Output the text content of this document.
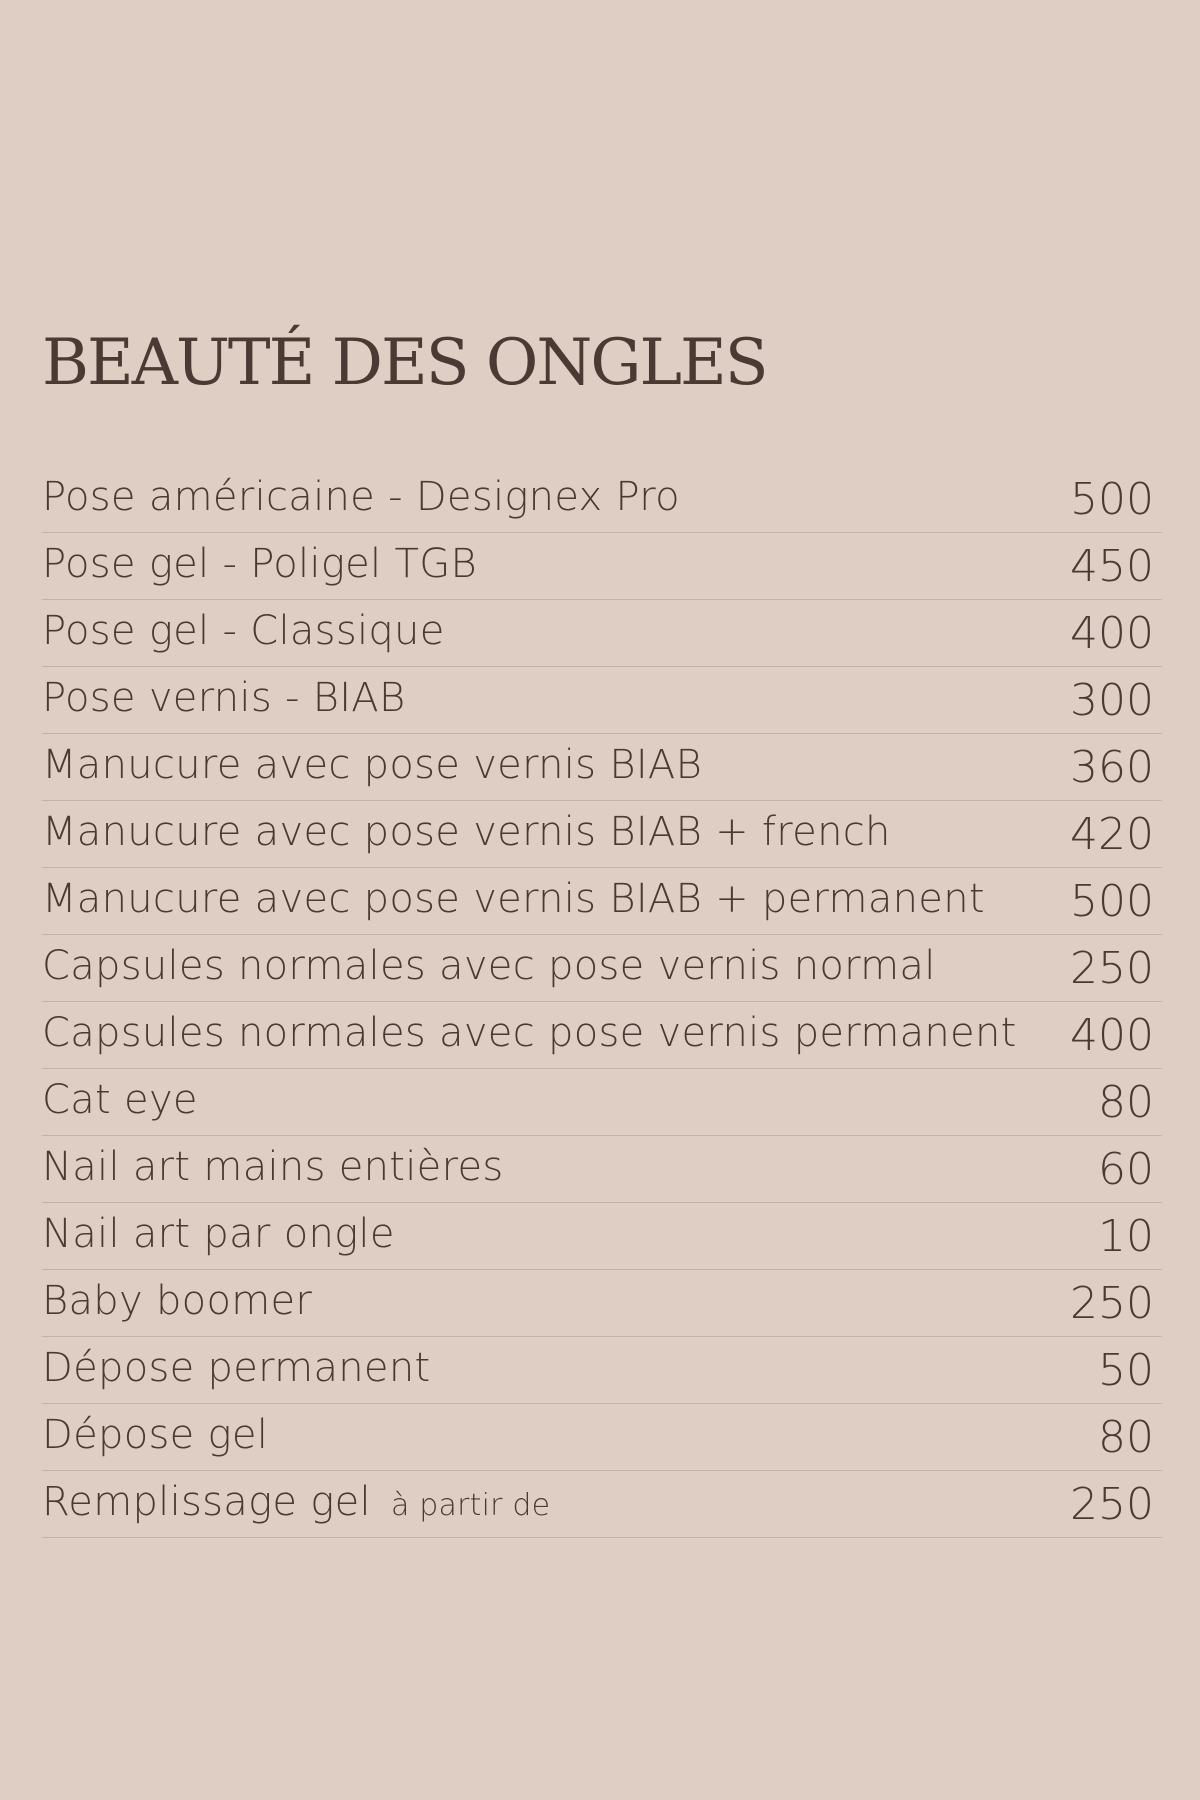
BEAUTÉ DES ONGLES
Pose américaine - Designex Pro	500
Pose gel - Poligel TGB	450
Pose gel - Classique	400
Pose vernis - BIAB	300
Manucure avec pose vernis BIAB	360
Manucure avec pose vernis BIAB + french	420
Manucure avec pose vernis BIAB + permanent 500
Capsules normales avec pose vernis normal	250
Capsules normales avec pose vernis permanent 400
Cat eye	80
Nail art mains entières	60
Nail art par ongle	10
Baby boomer	250
Dépose permanent	50
Dépose gel	80
Remplissage gel à partir de	250
